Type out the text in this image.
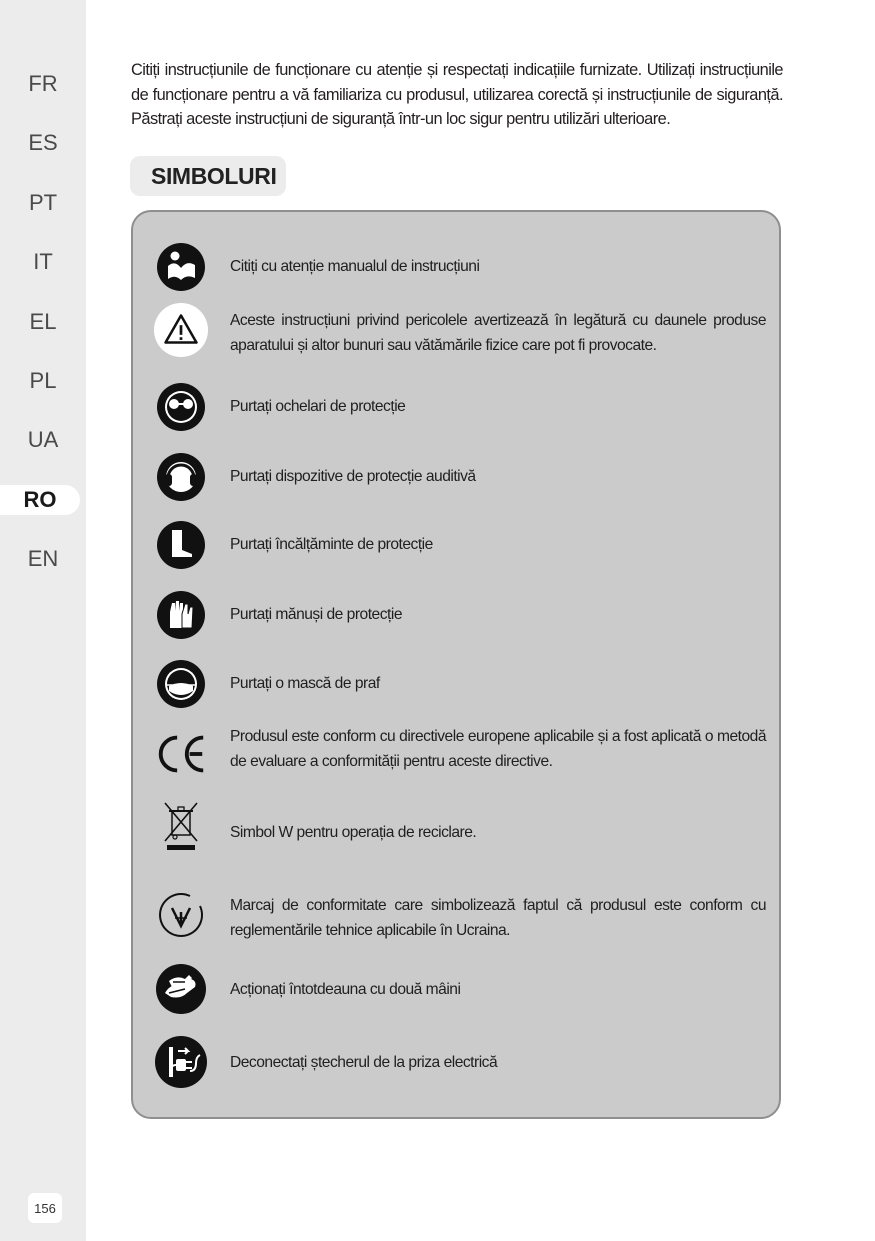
FR
ES
PT
IT
EL
PL
UA
RO
EN
156

Citiți instrucțiunile de funcționare cu atenție și respectați indicațiile furnizate. Utilizați instrucțiunile de funcționare pentru a vă familiariza cu produsul, utilizarea corectă și instrucțiunile de siguranță. Păstrați aceste instrucțiuni de siguranță într-un loc sigur pentru utilizări ulterioare.

SIMBOLURI
Citiți cu atenție manualul de instrucțiuni
Aceste instrucțiuni privind pericolele avertizează în legătură cu daunele produse aparatului și altor bunuri sau vătămările fizice care pot fi provocate.
Purtați ochelari de protecție
Purtați dispozitive de protecție auditivă
Purtați încălțăminte de protecție
Purtați mănuși de protecție
Purtați o mască de praf
Produsul este conform cu directivele europene aplicabile și a fost aplicată o metodă de evaluare a conformității pentru aceste directive.
Simbol W pentru operația de reciclare.
Marcaj de conformitate care simbolizează faptul că produsul este conform cu reglementările tehnice aplicabile în Ucraina.
Acționați întotdeauna cu două mâini
Deconectați ștecherul de la priza electrică
